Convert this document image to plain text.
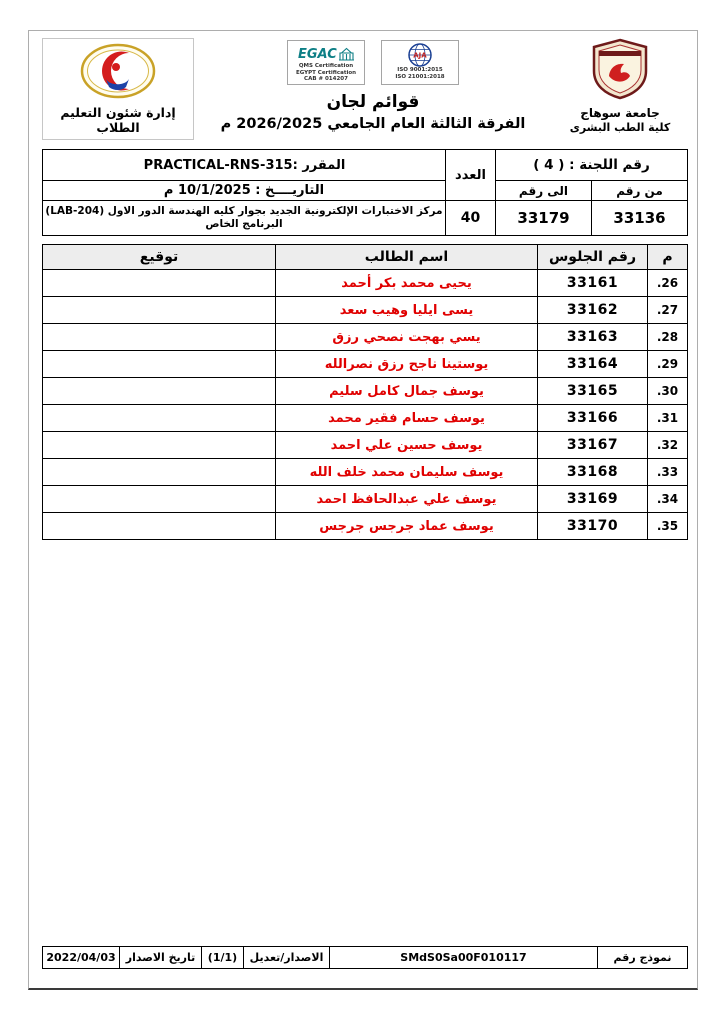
جامعة سوهاج
كلية الطب البشرى
EGAC
QMS Certification
EGYPT Certification
CAB # 014207
AJA
ISO 9001:2015
ISO 21001:2018
قوائم لجان
الفرقة الثالثة العام الجامعي 2026/2025 م
إدارة شئون التعليم الطلاب
رقم اللجنة : ( 4 )		العدد	المقرر :PRACTICAL-RNS-315
من رقم	الى رقم		التاريــــخ : 10/1/2025 م
33136	33179	40	مركز الاختبارات الإلكترونية الجديد بجوار كليه الهندسة الدور الاول (LAB-204)
البرنامج الخاص
م	رقم الجلوس	اسم الطالب	توقيع
26.	33161	يحيى محمد بكر أحمد	
27.	33162	يسى ايليا وهيب سعد	
28.	33163	يسي بهجت نصحي رزق	
29.	33164	يوستينا ناجح رزق نصرالله	
30.	33165	يوسف جمال كامل سليم	
31.	33166	يوسف حسام فقير محمد	
32.	33167	يوسف حسين علي احمد	
33.	33168	يوسف سليمان محمد خلف الله	
34.	33169	يوسف علي عبدالحافظ احمد	
35.	33170	يوسف عماد جرجس جرجس	
نموذج رقم	SMdS0Sa00F010117	الاصدار/تعديل	(1/1)	تاريخ الاصدار	2022/04/03
